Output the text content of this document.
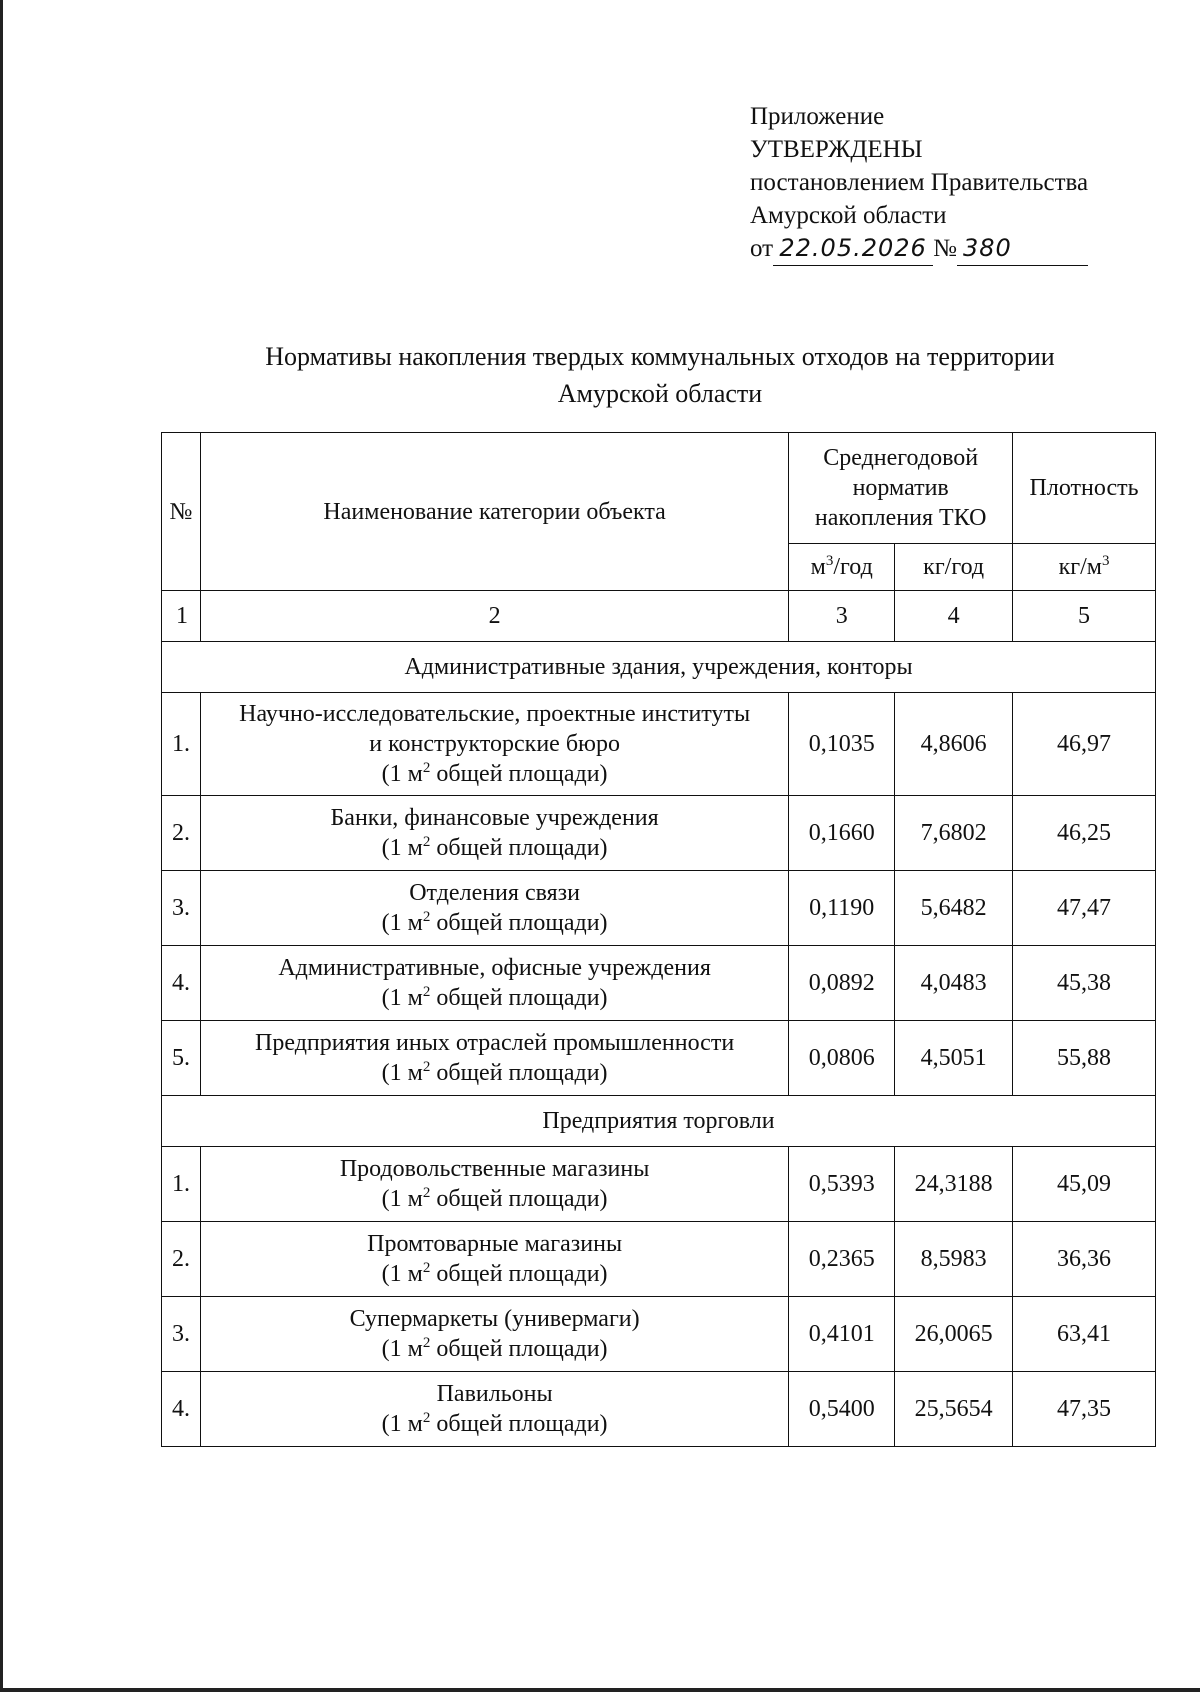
Приложение
УТВЕРЖДЕНЫ
постановлением Правительства
Амурской области
от 22.05.2026 № 380
Нормативы накопления твердых коммунальных отходов на территории
Амурской области
№	Наименование категории объекта	Среднегодовой норматив накопления ТКО		Плотность
		$м^3$/год	кг/год	$кг/м^3$
1	2	3	4	5
Административные здания, учреждения, конторы				
1.	Научно-исследовательские, проектные институты
и конструкторские бюро
(1 $м^2$ общей площади)	0,1035	4,8606	46,97
2.	Банки, финансовые учреждения
(1 $м^2$ общей площади)	0,1660	7,6802	46,25
3.	Отделения связи
(1 $м^2$ общей площади)	0,1190	5,6482	47,47
4.	Административные, офисные учреждения
(1 $м^2$ общей площади)	0,0892	4,0483	45,38
5.	Предприятия иных отраслей промышленности
(1 $м^2$ общей площади)	0,0806	4,5051	55,88
Предприятия торговли				
1.	Продовольственные магазины
(1 $м^2$ общей площади)	0,5393	24,3188	45,09
2.	Промтоварные магазины
(1 $м^2$ общей площади)	0,2365	8,5983	36,36
3.	Супермаркеты (универмаги)
(1 $м^2$ общей площади)	0,4101	26,0065	63,41
4.	Павильоны
(1 $м^2$ общей площади)	0,5400	25,5654	47,35
